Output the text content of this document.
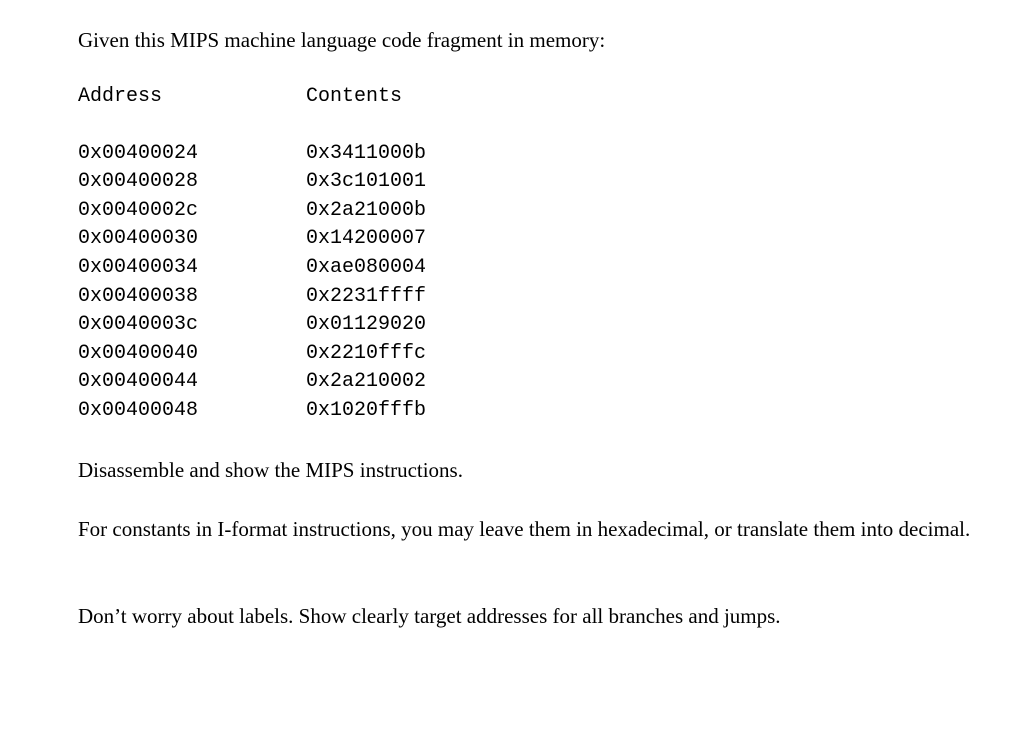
Given this MIPS machine language code fragment in memory:

Address	Contents
0x00400024	0x3411000b
0x00400028	0x3c101001
0x0040002c	0x2a21000b
0x00400030	0x14200007
0x00400034	0xae080004
0x00400038	0x2231ffff
0x0040003c	0x01129020
0x00400040	0x2210fffc
0x00400044	0x2a210002
0x00400048	0x1020fffb

Disassemble and show the MIPS instructions.

For constants in I-format instructions, you may leave them in hexadecimal, or translate them into decimal.

Don’t worry about labels. Show clearly target addresses for all branches and jumps.
